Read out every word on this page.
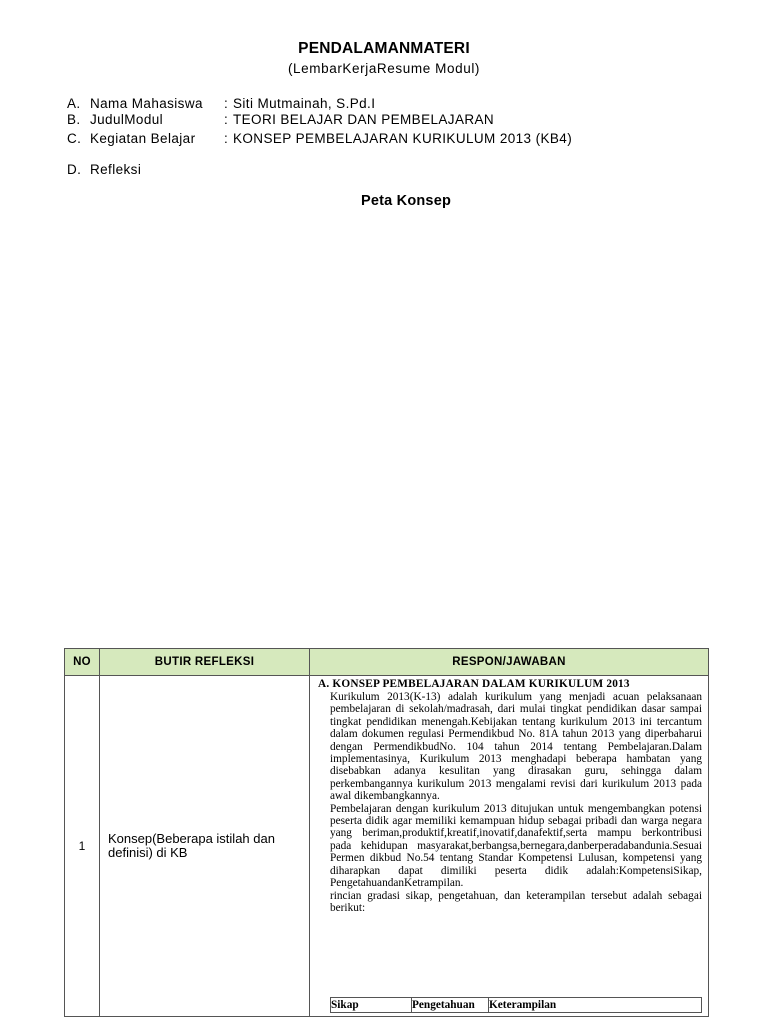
PENDALAMANMATERI
(LembarKerjaResume Modul)
A. Nama Mahasiswa : Siti Mutmainah, S.Pd.I
B. JudulModul	: TEORI BELAJAR DAN PEMBELAJARAN
C. Kegiatan Belajar : KONSEP PEMBELAJARAN KURIKULUM 2013 (KB4)
D. Refleksi
Peta Konsep
NO	BUTIR REFLEKSI	RESPON/JAWABAN
1	Konsep(Beberapa istilah dan definisi) di KB	
A. KONSEP PEMBELAJARAN DALAM KURIKULUM 2013

Kurikulum 2013(K-13) adalah kurikulum yang menjadi acuan pelaksanaan pembelajaran di sekolah/madrasah, dari mulai tingkat pendidikan dasar sampai tingkat pendidikan menengah.Kebijakan tentang kurikulum 2013 ini tercantum dalam dokumen regulasi Permendikbud No. 81A tahun 2013 yang diperbaharui dengan PermendikbudNo. 104 tahun 2014 tentang Pembelajaran.Dalam implementasinya, Kurikulum 2013 menghadapi beberapa hambatan yang disebabkan adanya kesulitan yang dirasakan guru, sehingga dalam perkembangannya kurikulum 2013 mengalami revisi dari kurikulum 2013 pada awal dikembangkannya.

Pembelajaran dengan kurikulum 2013 ditujukan untuk mengembangkan potensi peserta didik agar memiliki kemampuan hidup sebagai pribadi dan warga negara yang beriman,produktif,kreatif,inovatif,danafektif,serta mampu berkontribusi pada kehidupan masyarakat,berbangsa,bernegara,danberperadabandunia.Sesuai Permen dikbud No.54 tentang Standar Kompetensi Lulusan, kompetensi yang diharapkan dapat dimiliki peserta didik adalah:KompetensiSikap, PengetahuandanKetrampilan.

rincian gradasi sikap, pengetahuan, dan keterampilan tersebut adalah sebagai berikut:

Sikap	Pengetahuan	Keterampilan
